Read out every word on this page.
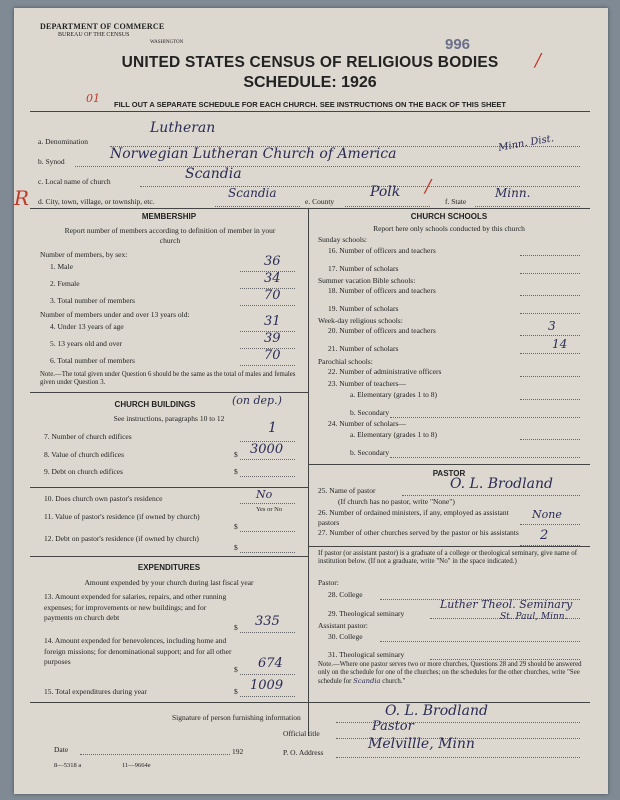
DEPARTMENT OF COMMERCE
BUREAU OF THE CENSUS
WASHINGTON	996
/
UNITED STATES CENSUS OF RELIGIOUS BODIES
SCHEDULE: 1926
01	FILL OUT A SEPARATE SCHEDULE FOR EACH CHURCH. SEE INSTRUCTIONS ON THE BACK OF THIS SHEET
a. Denomination
Lutheran
b. Synod	Norwegian Lutheran Church of America
Minn. Dist.
c. Local name of church	Scandia
R d. City, town, village, or township, etc.
Scandia
e. County
Polk /
f. State
Minn.
MEMBERSHIP
Report number of members according to definition of member in your church
Number of members, by sex:
1. Male	36
2. Female	34
3. Total number of members	70
Number of members under and over 13 years old:
4. Under 13 years of age	31
5. 13 years old and over	39
6. Total number of members	70
Note.—The total given under Question 6 should be the same as the total of males and females given under Question 3.
CHURCH BUILDINGS	(on dep.)
See instructions, paragraphs 10 to 12
7. Number of church edifices
1
8. Value of church edifices	$ 3000
9. Debt on church edifices	$
10. Does church own pastor's residence	No
Yes or No
11. Value of pastor's residence (if owned by church)
$
12. Debt on pastor's residence (if owned by church)
$
EXPENDITURES
Amount expended by your church during last fiscal year
13. Amount expended for salaries, repairs, and other running expenses; for improvements or new buildings; and for payments on church debt
$ 335
14. Amount expended for benevolences, including home and foreign missions; for denominational support; and for all other purposes
$ 674
15. Total expenditures during year	$ 1009
CHURCH SCHOOLS
Report here only schools conducted by this church
Sunday schools:
16. Number of officers and teachers
17. Number of scholars
Summer vacation Bible schools:
18. Number of officers and teachers
19. Number of scholars
Week-day religious schools:
20. Number of officers and teachers	3
21. Number of scholars	14
Parochial schools:
22. Number of administrative officers
23. Number of teachers—
a. Elementary (grades 1 to 8)
b. Secondary
24. Number of scholars—
a. Elementary (grades 1 to 8)
b. Secondary
PASTOR
25. Name of pastor	O. L. Brodland
(If church has no pastor, write "None")
26. Number of ordained ministers, if any, employed as assistant pastors
None
27. Number of other churches served by the pastor or his assistants	2
If pastor (or assistant pastor) is a graduate of a college or theological seminary, give name of institution below. (If not a graduate, write "No" in the space indicated.)
Pastor:
28. College
29. Theological seminary
Luther Theol. Seminary
St. Paul, Minn.
Assistant pastor:
30. College
31. Theological seminary
Note.—Where one pastor serves two or more churches, Questions 28 and 29 should be answered only on the schedule for one of the churches; on the schedules for the other churches, write "See schedule for Scandia church."
Signature of person furnishing information	O. L. Brodland
Official title	Pastor
Date	192	P. O. Address
Melvillle, Minn
8—5318 a	11—9664e
